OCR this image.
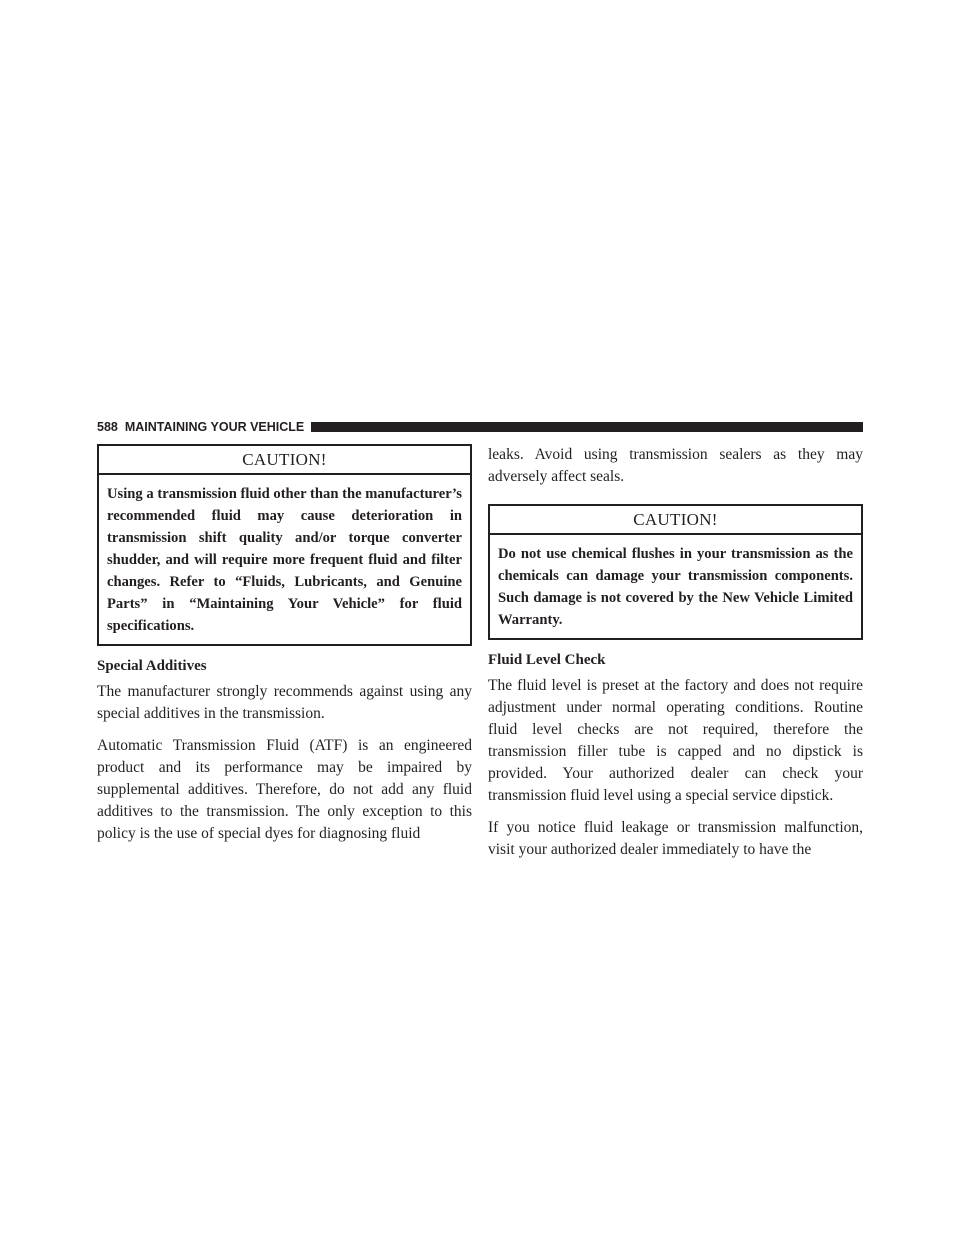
588 MAINTAINING YOUR VEHICLE
CAUTION!

Using a transmission fluid other than the manufacturer’s recommended fluid may cause deterioration in transmission shift quality and/or torque converter shudder, and will require more frequent fluid and filter changes. Refer to “Fluids, Lubricants, and Genuine Parts” in “Maintaining Your Vehicle” for fluid specifications.

Special Additives

The manufacturer strongly recommends against using any special additives in the transmission.

Automatic Transmission Fluid (ATF) is an engineered product and its performance may be impaired by supplemental additives. Therefore, do not add any fluid additives to the transmission. The only exception to this policy is the use of special dyes for diagnosing fluid

leaks. Avoid using transmission sealers as they may adversely affect seals.

CAUTION!

Do not use chemical flushes in your transmission as the chemicals can damage your transmission components. Such damage is not covered by the New Vehicle Limited Warranty.

Fluid Level Check

The fluid level is preset at the factory and does not require adjustment under normal operating conditions. Routine fluid level checks are not required, therefore the transmission filler tube is capped and no dipstick is provided. Your authorized dealer can check your transmission fluid level using a special service dipstick.

If you notice fluid leakage or transmission malfunction, visit your authorized dealer immediately to have the
